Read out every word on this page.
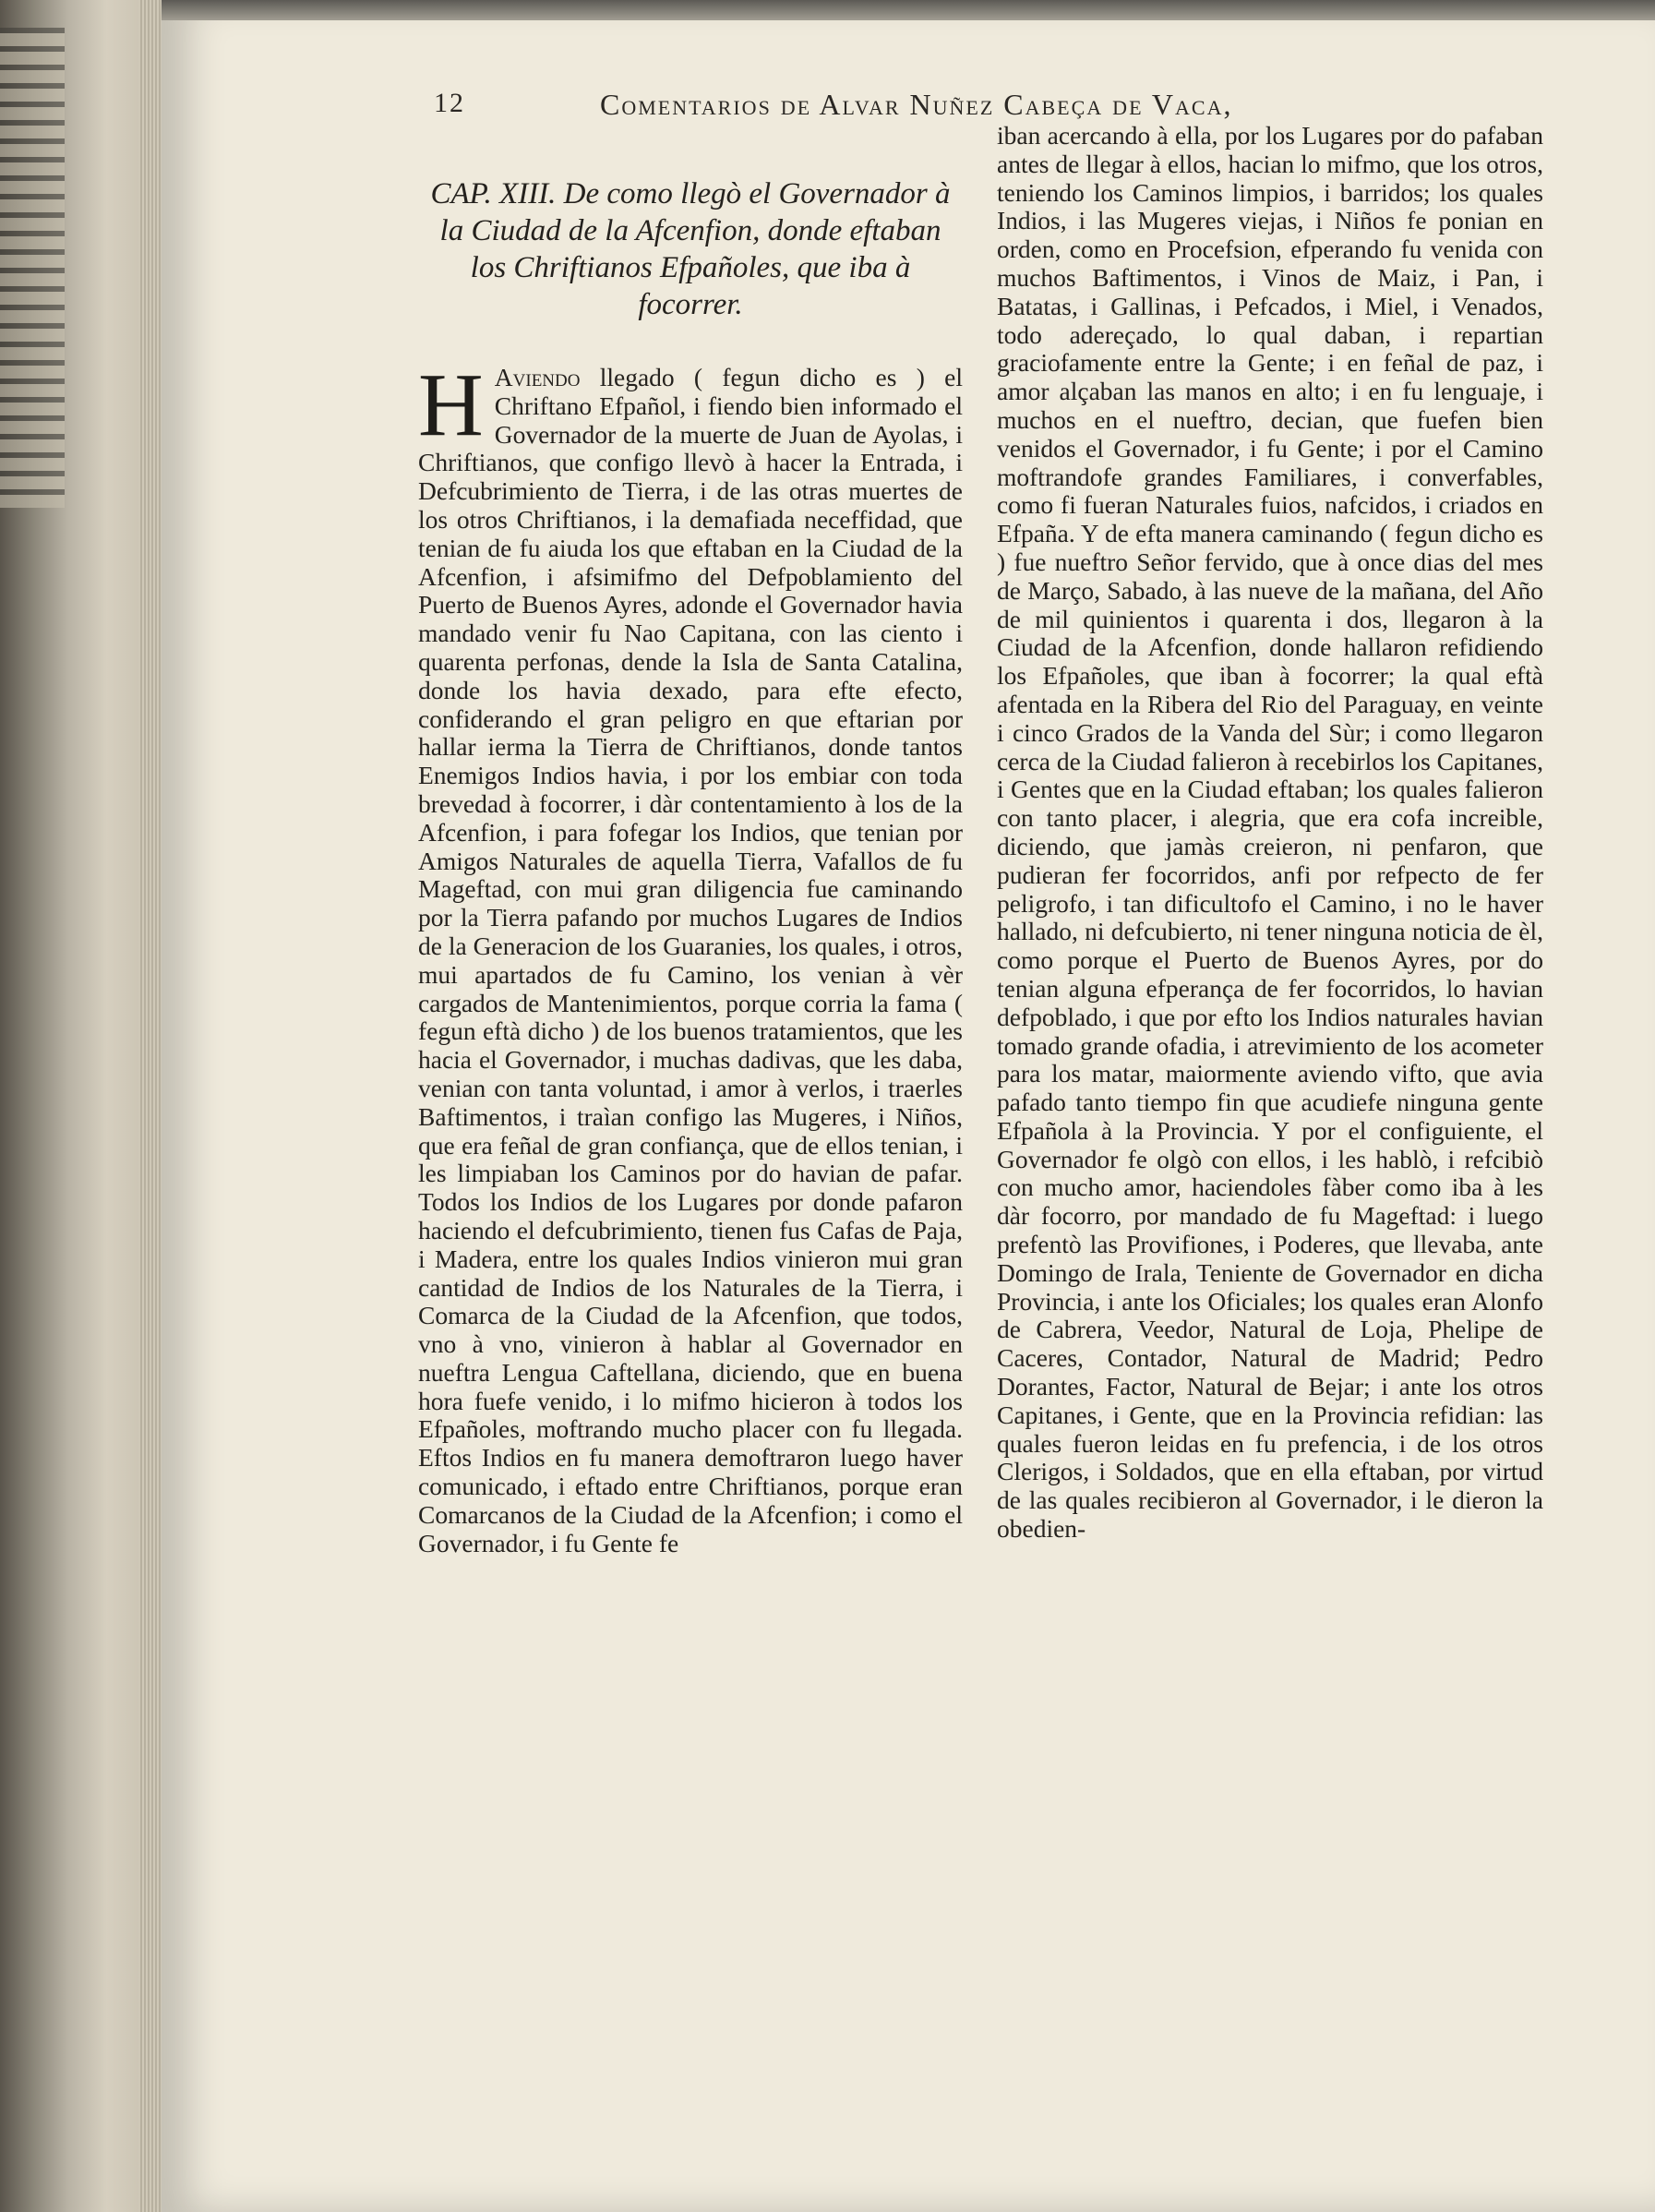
12	Comentarios de Alvar Nuñez Cabeça de Vaca,
CAP. XIII. De como llegò el Governador à la Ciudad de la Afcenfion, donde eftaban los Chriftianos Efpañoles, que iba à focorrer.

H Aviendo llegado ( fegun dicho es ) el Chriftano Efpañol, i fiendo bien informado el Governador de la muerte de Juan de Ayolas, i Chriftianos, que configo llevò à hacer la Entrada, i Defcubrimiento de Tierra, i de las otras muertes de los otros Chriftianos, i la demafiada neceffidad, que tenian de fu aiuda los que eftaban en la Ciudad de la Afcenfion, i afsimifmo del Defpoblamiento del Puerto de Buenos Ayres, adonde el Governador havia mandado venir fu Nao Capitana, con las ciento i quarenta perfonas, dende la Isla de Santa Catalina, donde los havia dexado, para efte efecto, confiderando el gran peligro en que eftarian por hallar ierma la Tierra de Chriftianos, donde tantos Enemigos Indios havia, i por los embiar con toda brevedad à focorrer, i dàr contentamiento à los de la Afcenfion, i para fofegar los Indios, que tenian por Amigos Naturales de aquella Tierra, Vafallos de fu Mageftad, con mui gran diligencia fue caminando por la Tierra pafando por muchos Lugares de Indios de la Generacion de los Guaranies, los quales, i otros, mui apartados de fu Camino, los venian à vèr cargados de Mantenimientos, porque corria la fama ( fegun eftà dicho ) de los buenos tratamientos, que les hacia el Governador, i muchas dadivas, que les daba, venian con tanta voluntad, i amor à verlos, i traerles Baftimentos, i traìan configo las Mugeres, i Niños, que era feñal de gran confiança, que de ellos tenian, i les limpiaban los Caminos por do havian de pafar. Todos los Indios de los Lugares por donde pafaron haciendo el defcubrimiento, tienen fus Cafas de Paja, i Madera, entre los quales Indios vinieron mui gran cantidad de Indios de los Naturales de la Tierra, i Comarca de la Ciudad de la Afcenfion, que todos, vno à vno, vinieron à hablar al Governador en nueftra Lengua Caftellana, diciendo, que en buena hora fuefe venido, i lo mifmo hicieron à todos los Efpañoles, moftrando mucho placer con fu llegada. Eftos Indios en fu manera demoftraron luego haver comunicado, i eftado entre Chriftianos, porque eran Comarcanos de la Ciudad de la Afcenfion; i como el Governador, i fu Gente fe

iban acercando à ella, por los Lugares por do pafaban antes de llegar à ellos, hacian lo mifmo, que los otros, teniendo los Caminos limpios, i barridos; los quales Indios, i las Mugeres viejas, i Niños fe ponian en orden, como en Procefsion, efperando fu venida con muchos Baftimentos, i Vinos de Maiz, i Pan, i Batatas, i Gallinas, i Pefcados, i Miel, i Venados, todo adereçado, lo qual daban, i repartian graciofamente entre la Gente; i en feñal de paz, i amor alçaban las manos en alto; i en fu lenguaje, i muchos en el nueftro, decian, que fuefen bien venidos el Governador, i fu Gente; i por el Camino moftrandofe grandes Familiares, i converfables, como fi fueran Naturales fuios, nafcidos, i criados en Efpaña. Y de efta manera caminando ( fegun dicho es ) fue nueftro Señor fervido, que à once dias del mes de Março, Sabado, à las nueve de la mañana, del Año de mil quinientos i quarenta i dos, llegaron à la Ciudad de la Afcenfion, donde hallaron refidiendo los Efpañoles, que iban à focorrer; la qual eftà afentada en la Ribera del Rio del Paraguay, en veinte i cinco Grados de la Vanda del Sùr; i como llegaron cerca de la Ciudad falieron à recebirlos los Capitanes, i Gentes que en la Ciudad eftaban; los quales falieron con tanto placer, i alegria, que era cofa increible, diciendo, que jamàs creieron, ni penfaron, que pudieran fer focorridos, anfi por refpecto de fer peligrofo, i tan dificultofo el Camino, i no le haver hallado, ni defcubierto, ni tener ninguna noticia de èl, como porque el Puerto de Buenos Ayres, por do tenian alguna efperança de fer focorridos, lo havian defpoblado, i que por efto los Indios naturales havian tomado grande ofadia, i atrevimiento de los acometer para los matar, maiormente aviendo vifto, que avia pafado tanto tiempo fin que acudiefe ninguna gente Efpañola à la Provincia. Y por el configuiente, el Governador fe olgò con ellos, i les hablò, i refcibiò con mucho amor, haciendoles fàber como iba à les dàr focorro, por mandado de fu Mageftad: i luego prefentò las Provifiones, i Poderes, que llevaba, ante Domingo de Irala, Teniente de Governador en dicha Provincia, i ante los Oficiales; los quales eran Alonfo de Cabrera, Veedor, Natural de Loja, Phelipe de Caceres, Contador, Natural de Madrid; Pedro Dorantes, Factor, Natural de Bejar; i ante los otros Capitanes, i Gente, que en la Provincia refidian: las quales fueron leidas en fu prefencia, i de los otros Clerigos, i Soldados, que en ella eftaban, por virtud de las quales recibieron al Governador, i le dieron la obedien-
